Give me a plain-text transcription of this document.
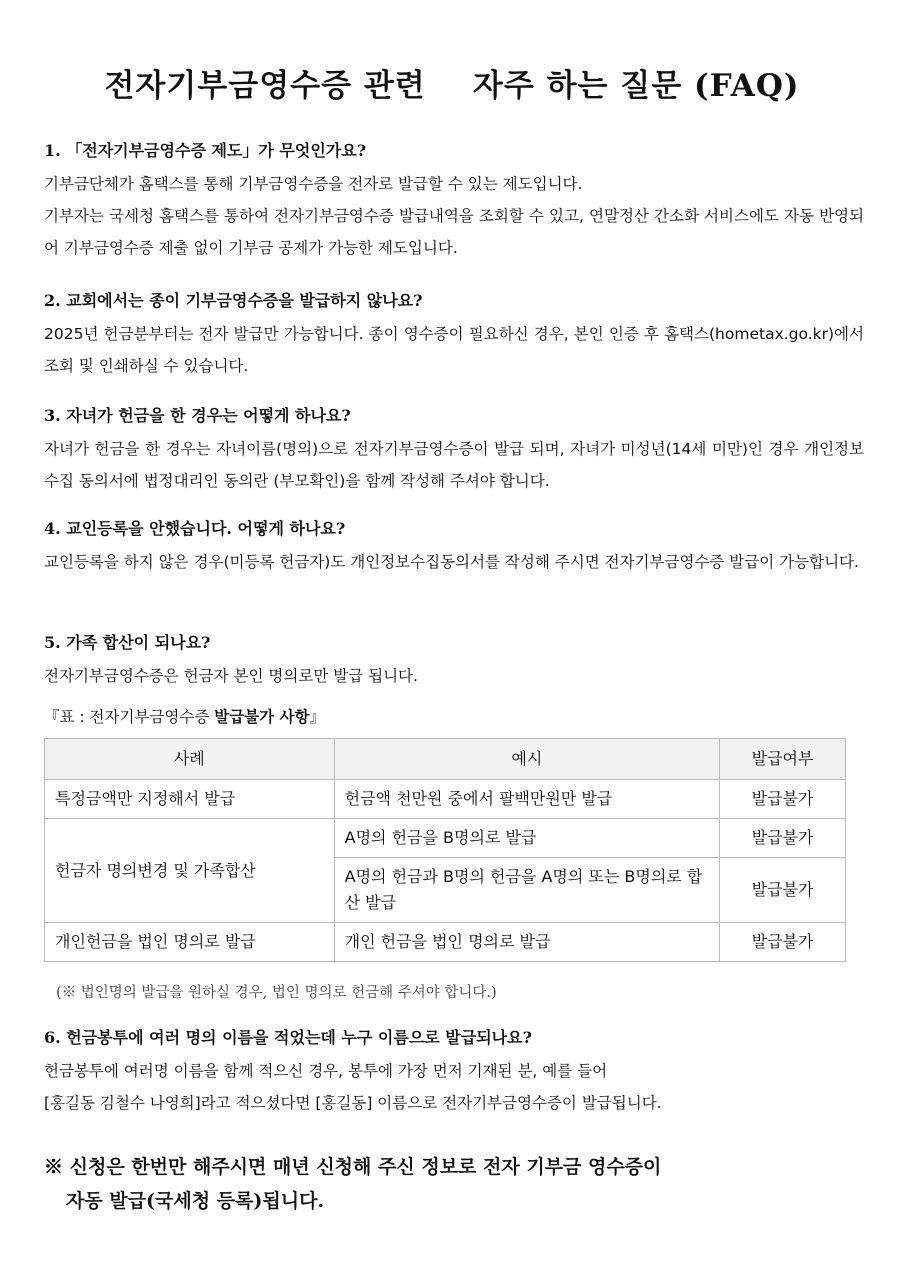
전자기부금영수증 관련    자주 하는 질문 (FAQ)

1. 「전자기부금영수증 제도」가 무엇인가요?

기부금단체가 홈택스를 통해 기부금영수증을 전자로 발급할 수 있는 제도입니다.

기부자는 국세청 홈택스를 통하여 전자기부금영수증 발급내역을 조회할 수 있고, 연말정산 간소화 서비스에도 자동 반영되어 기부금영수증 제출 없이 기부금 공제가 가능한 제도입니다.

2. 교회에서는 종이 기부금영수증을 발급하지 않나요?

2025년 헌금분부터는 전자 발급만 가능합니다. 종이 영수증이 필요하신 경우, 본인 인증 후 홈택스(hometax.go.kr)에서 조회 및 인쇄하실 수 있습니다.

3. 자녀가 헌금을 한 경우는 어떻게 하나요?

자녀가 헌금을 한 경우는 자녀이름(명의)으로 전자기부금영수증이 발급 되며, 자녀가 미성년(14세 미만)인 경우 개인정보수집 동의서에 법정대리인 동의란 (부모확인)을 함께 작성해 주셔야 합니다.

4. 교인등록을 안했습니다. 어떻게 하나요?

교인등록을 하지 않은 경우(미등록 헌금자)도 개인정보수집동의서를 작성해 주시면 전자기부금영수증 발급이 가능합니다.

5. 가족 합산이 되나요?

전자기부금영수증은 헌금자 본인 명의로만 발급 됩니다.

『표 : 전자기부금영수증 발급불가 사항』
사례	예시	발급여부
특정금액만 지정해서 발급	헌금액 천만원 중에서 팔백만원만 발급	발급불가
헌금자 명의변경 및 가족합산	A명의 헌금을 B명의로 발급	발급불가
	A명의 헌금과 B명의 헌금을 A명의 또는 B명의로 합산 발급	발급불가
개인헌금을 법인 명의로 발급	개인 헌금을 법인 명의로 발급	발급불가
(※ 법인명의 발급을 원하실 경우, 법인 명의로 헌금해 주셔야 합니다.)

6. 헌금봉투에 여러 명의 이름을 적었는데 누구 이름으로 발급되나요?

헌금봉투에 여러명 이름을 함께 적으신 경우, 봉투에 가장 먼저 기재된 분, 예를 들어
[홍길동 김철수 나영희]라고 적으셨다면 [홍길동] 이름으로 전자기부금영수증이 발급됩니다.
※ 신청은 한번만 해주시면 매년 신청해 주신 정보로 전자 기부금 영수증이
자동 발급(국세청 등록)됩니다.
